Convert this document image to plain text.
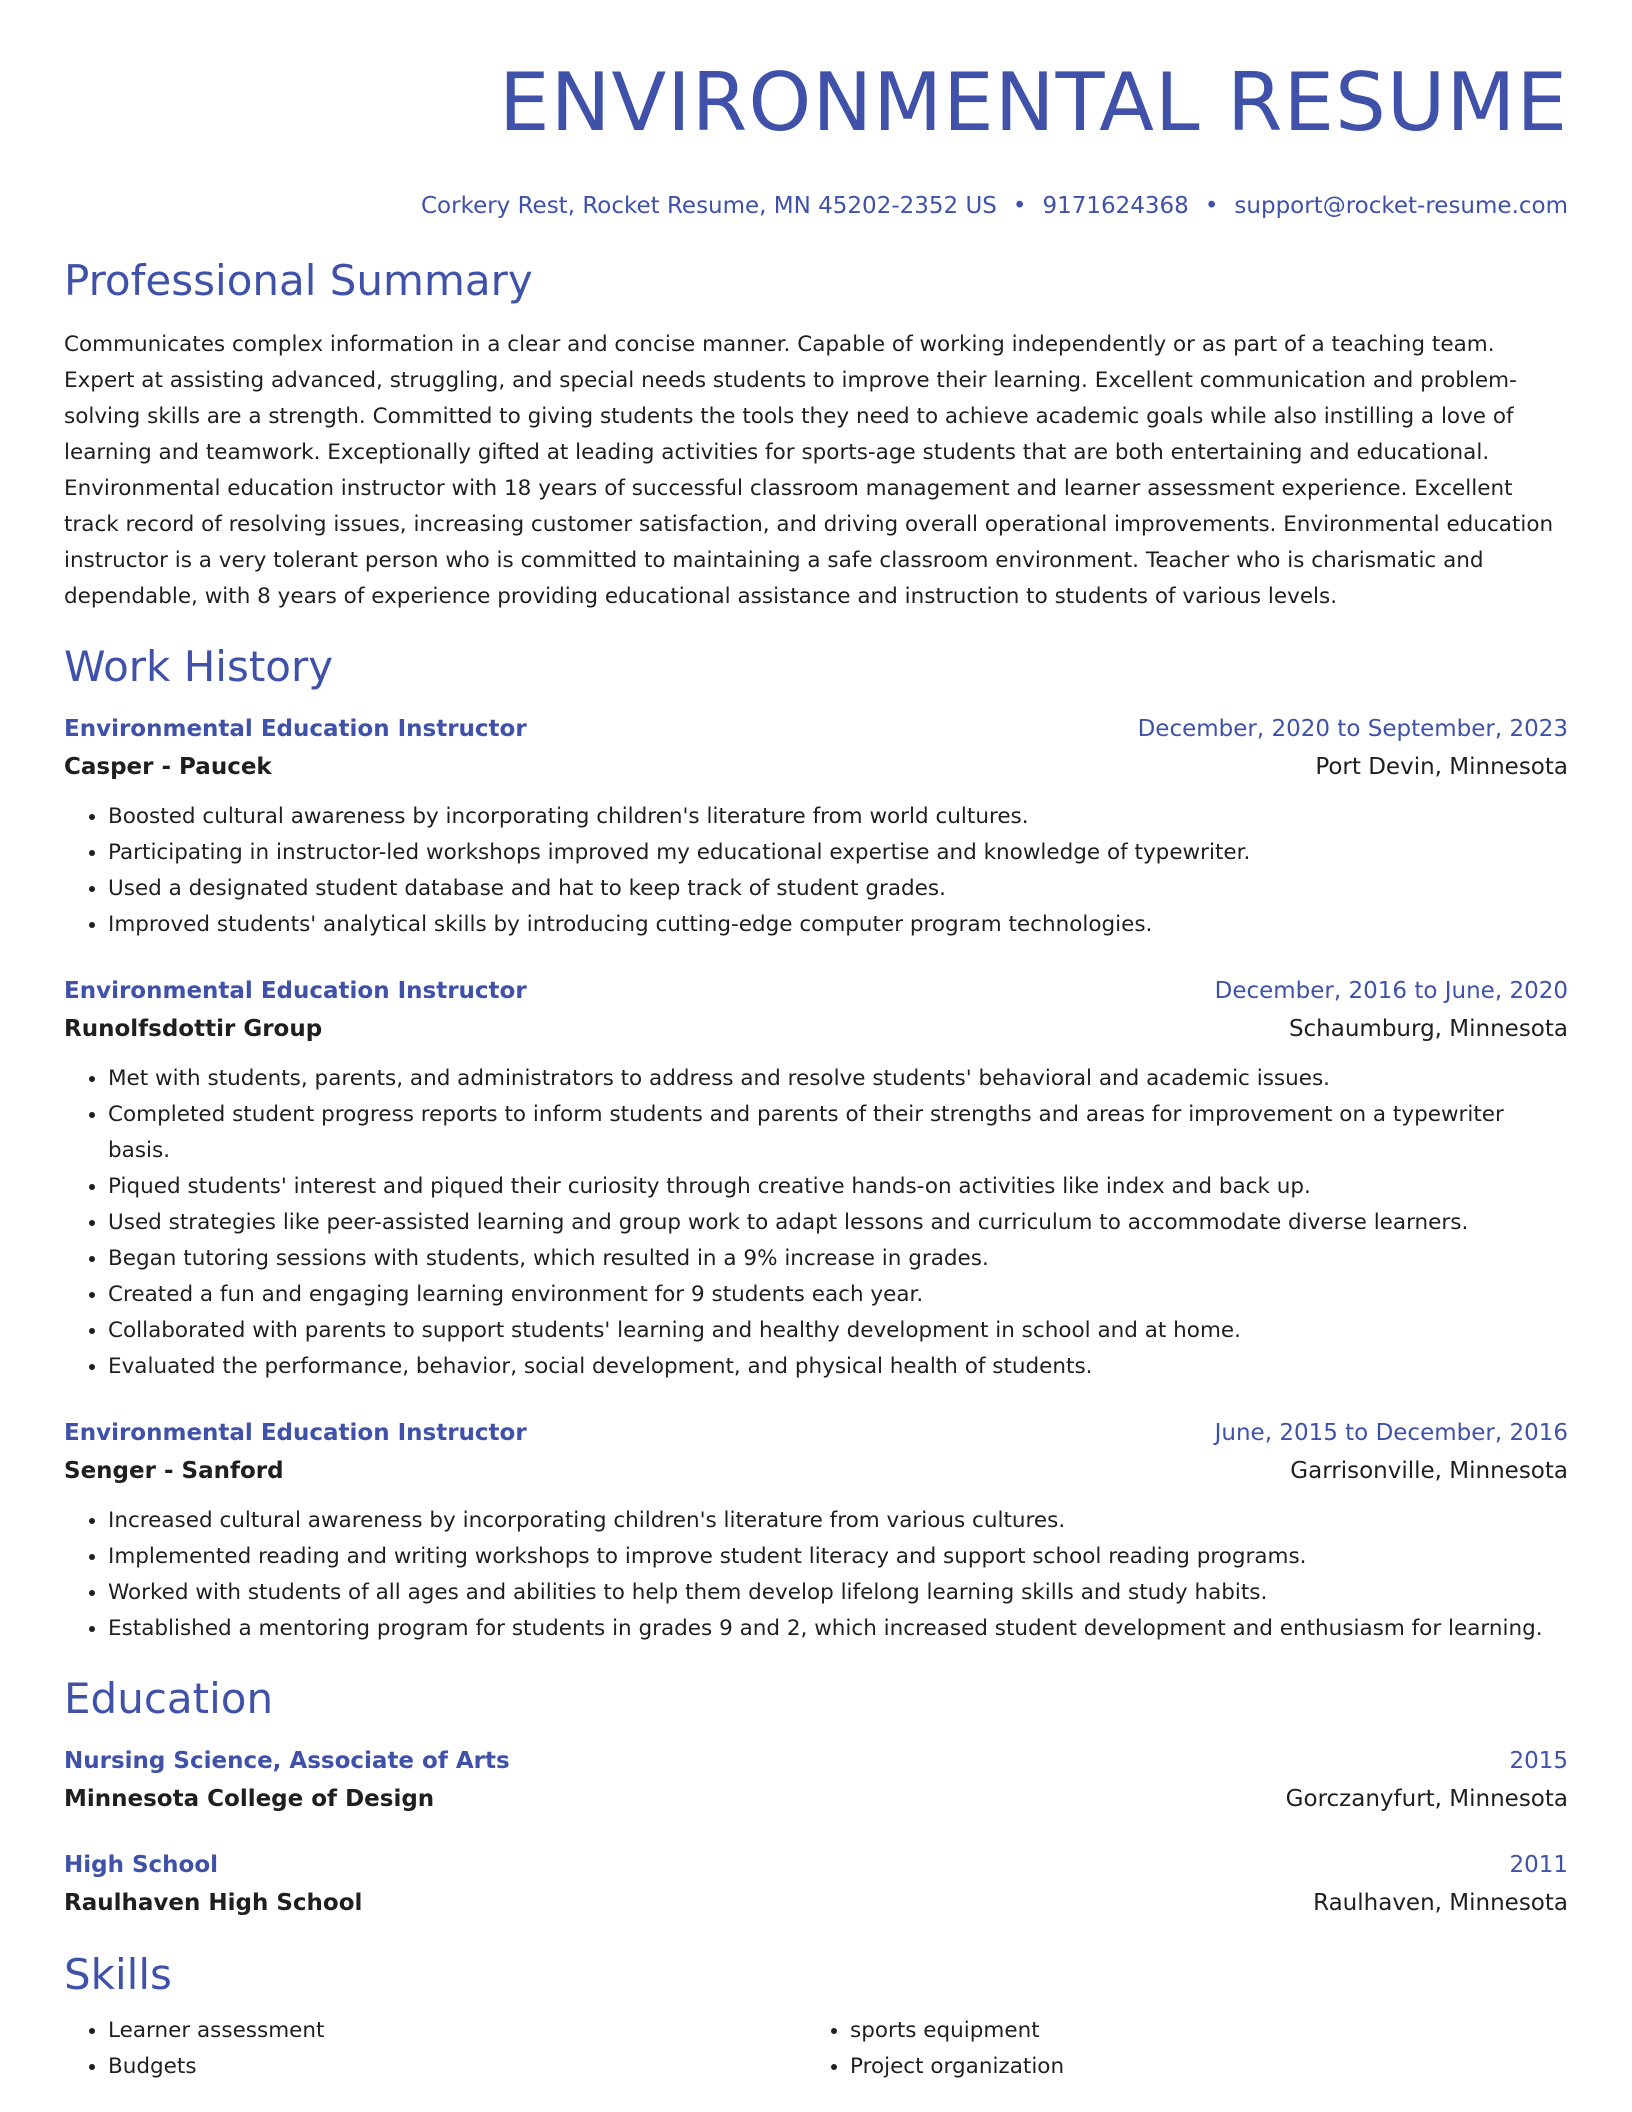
ENVIRONMENTAL RESUME
Corkery Rest, Rocket Resume, MN 45202-2352 US • 9171624368 • support@rocket-resume.com
Professional Summary
Communicates complex information in a clear and concise manner. Capable of working independently or as part of a teaching team. Expert at assisting advanced, struggling, and special needs students to improve their learning. Excellent communication and problem-solving skills are a strength. Committed to giving students the tools they need to achieve academic goals while also instilling a love of learning and teamwork. Exceptionally gifted at leading activities for sports-age students that are both entertaining and educational. Environmental education instructor with 18 years of successful classroom management and learner assessment experience. Excellent track record of resolving issues, increasing customer satisfaction, and driving overall operational improvements. Environmental education instructor is a very tolerant person who is committed to maintaining a safe classroom environment. Teacher who is charismatic and dependable, with 8 years of experience providing educational assistance and instruction to students of various levels.
Work History
Environmental Education Instructor	December, 2020 to September, 2023
Casper - Paucek	Port Devin, Minnesota
• Boosted cultural awareness by incorporating children's literature from world cultures.
• Participating in instructor-led workshops improved my educational expertise and knowledge of typewriter.
• Used a designated student database and hat to keep track of student grades.
• Improved students' analytical skills by introducing cutting-edge computer program technologies.
Environmental Education Instructor	December, 2016 to June, 2020
Runolfsdottir Group	Schaumburg, Minnesota
• Met with students, parents, and administrators to address and resolve students' behavioral and academic issues.
• Completed student progress reports to inform students and parents of their strengths and areas for improvement on a typewriter basis.
• Piqued students' interest and piqued their curiosity through creative hands-on activities like index and back up.
• Used strategies like peer-assisted learning and group work to adapt lessons and curriculum to accommodate diverse learners.
• Began tutoring sessions with students, which resulted in a 9% increase in grades.
• Created a fun and engaging learning environment for 9 students each year.
• Collaborated with parents to support students' learning and healthy development in school and at home.
• Evaluated the performance, behavior, social development, and physical health of students.
Environmental Education Instructor	June, 2015 to December, 2016
Senger - Sanford	Garrisonville, Minnesota
• Increased cultural awareness by incorporating children's literature from various cultures.
• Implemented reading and writing workshops to improve student literacy and support school reading programs.
• Worked with students of all ages and abilities to help them develop lifelong learning skills and study habits.
• Established a mentoring program for students in grades 9 and 2, which increased student development and enthusiasm for learning.
Education
Nursing Science, Associate of Arts	2015
Minnesota College of Design	Gorczanyfurt, Minnesota
High School	2011
Raulhaven High School	Raulhaven, Minnesota
Skills
• Learner assessment
• Budgets
• sports equipment
• Project organization
